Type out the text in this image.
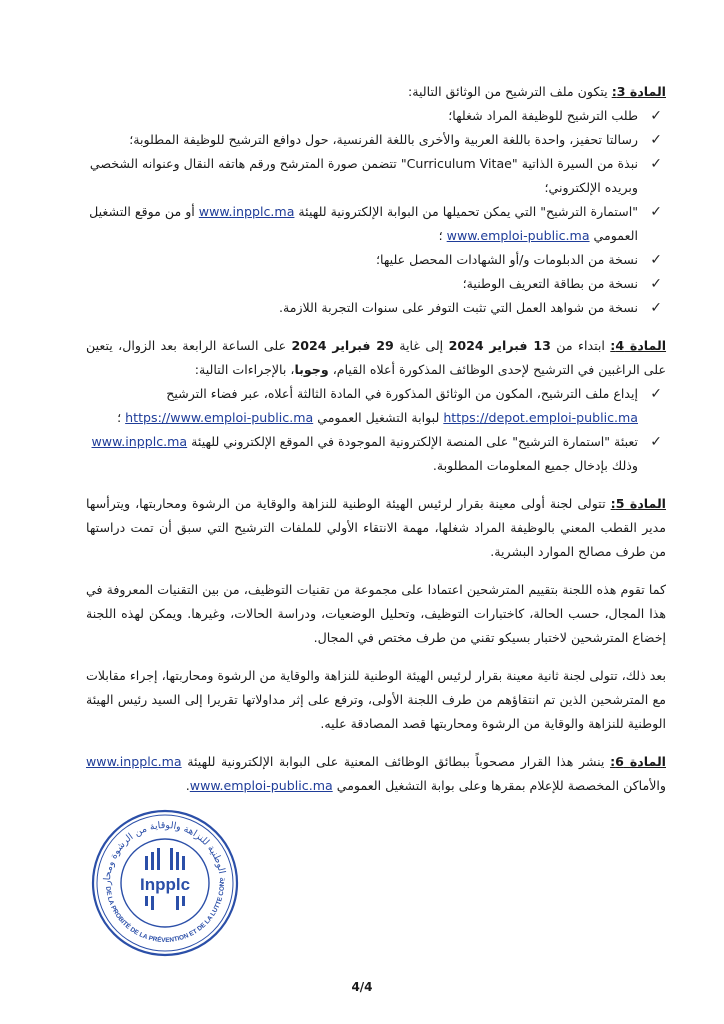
المادة 3: يتكون ملف الترشيح من الوثائق التالية:

✓
طلب الترشيح للوظيفة المراد شغلها؛
✓
رسالتا تحفيز، واحدة باللغة العربية والأخرى باللغة الفرنسية، حول دوافع الترشيح للوظيفة المطلوبة؛
✓
نبذة من السيرة الذاتية "Curriculum Vitae" تتضمن صورة المترشح ورقم هاتفه النقال وعنوانه الشخصي وبريده الإلكتروني؛
✓
"استمارة الترشيح" التي يمكن تحميلها من البوابة الإلكترونية للهيئة www.inpplc.ma أو من موقع التشغيل العمومي www.emploi-public.ma ؛
✓
نسخة من الدبلومات و/أو الشهادات المحصل عليها؛
✓
نسخة من بطاقة التعريف الوطنية؛
✓
نسخة من شواهد العمل التي تثبت التوفر على سنوات التجربة اللازمة.

المادة 4: ابتداء من 13 فبراير 2024 إلى غاية 29 فبراير 2024 على الساعة الرابعة بعد الزوال، يتعين على الراغبين في الترشيح لإحدى الوظائف المذكورة أعلاه القيام، وجوبا، بالإجراءات التالية:

✓
إيداع ملف الترشيح، المكون من الوثائق المذكورة في المادة الثالثة أعلاه، عبر فضاء الترشيح https://depot.emploi-public.ma لبوابة التشغيل العمومي https://www.emploi-public.ma ؛
✓
تعبئة "استمارة الترشيح" على المنصة الإلكترونية الموجودة في الموقع الإلكتروني للهيئة www.inpplc.ma وذلك بإدخال جميع المعلومات المطلوبة.

المادة 5: تتولى لجنة أولى معينة بقرار لرئيس الهيئة الوطنية للنزاهة والوقاية من الرشوة ومحاربتها، ويترأسها مدير القطب المعني بالوظيفة المراد شغلها، مهمة الانتقاء الأولي للملفات الترشيح التي سبق أن تمت دراستها من طرف مصالح الموارد البشرية.

كما تقوم هذه اللجنة بتقييم المترشحين اعتمادا على مجموعة من تقنيات التوظيف، من بين التقنيات المعروفة في هذا المجال، حسب الحالة، كاختبارات التوظيف، وتحليل الوضعيات، ودراسة الحالات، وغيرها. ويمكن لهذه اللجنة إخضاع المترشحين لاختبار بسيكو تقني من طرف مختص في المجال.

بعد ذلك، تتولى لجنة ثانية معينة بقرار لرئيس الهيئة الوطنية للنزاهة والوقاية من الرشوة ومحاربتها، إجراء مقابلات مع المترشحين الذين تم انتقاؤهم من طرف اللجنة الأولى، وترفع على إثر مداولاتها تقريرا إلى السيد رئيس الهيئة الوطنية للنزاهة والوقاية من الرشوة ومحاربتها قصد المصادقة عليه.

المادة 6: ينشر هذا القرار مصحوباً ببطائق الوظائف المعنية على البوابة الإلكترونية للهيئة www.inpplc.ma والأماكن المخصصة للإعلام بمقرها وعلى بوابة التشغيل العمومي www.emploi-public.ma.

ة الوطنية للنزاهة والوقاية من الرشوة ومحار
DE LA PROBITÉ DE LA PRÉVENTION ET DE LA LUTTE CON
Inpplc
4/4
